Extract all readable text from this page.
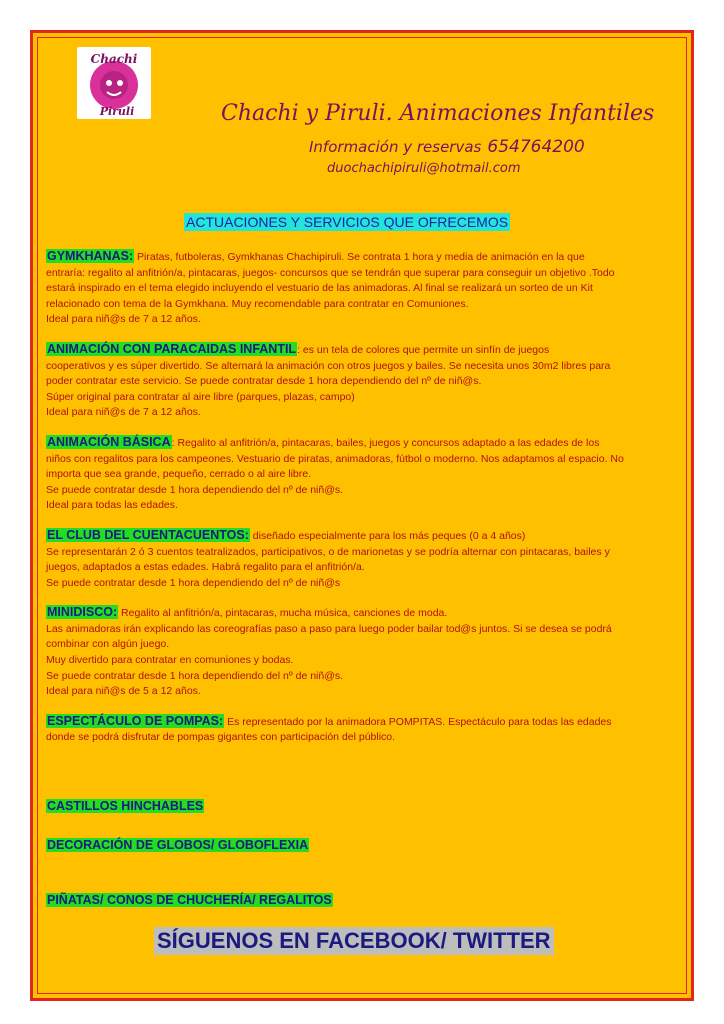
Chachi
Piruli	Chachi y Piruli. Animaciones Infantiles
Información y reservas 654764200
duochachipiruli@hotmail.com
ACTUACIONES Y SERVICIOS QUE OFRECEMOS
GYMKHANAS: Piratas, futboleras, Gymkhanas Chachipiruli. Se contrata 1 hora y media de animación en la que
entraría: regalito al anfitrión/a, pintacaras, juegos- concursos que se tendrán que superar para conseguir un objetivo .Todo
estará inspirado en el tema elegido incluyendo el vestuario de las animadoras. Al final se realizará un sorteo de un Kit
relacionado con tema de la Gymkhana. Muy recomendable para contratar en Comuniones.
Ideal para niñ@s de 7 a 12 años.
ANIMACIÓN CON PARACAIDAS INFANTIL: es un tela de colores que permite un sinfín de juegos
cooperativos y es súper divertido. Se alternará la animación con otros juegos y bailes. Se necesita unos 30m2 libres para
poder contratar este servicio. Se puede contratar desde 1 hora dependiendo del nº de niñ@s.
Súper original para contratar al aire libre (parques, plazas, campo)
Ideal para niñ@s de 7 a 12 años.
ANIMACIÓN BÁSICA: Regalito al anfitrión/a, pintacaras, bailes, juegos y concursos adaptado a las edades de los
niños con regalitos para los campeones. Vestuario de piratas, animadoras, fútbol o moderno. Nos adaptamos al espacio. No
importa que sea grande, pequeño, cerrado o al aire libre.
Se puede contratar desde 1 hora dependiendo del nº de niñ@s.
Ideal para todas las edades.
EL CLUB DEL CUENTACUENTOS: diseñado especialmente para los más peques (0 a 4 años)
Se representarán 2 ó 3 cuentos teatralizados, participativos, o de marionetas y se podría alternar con pintacaras, bailes y
juegos, adaptados a estas edades. Habrá regalito para el anfitrión/a.
Se puede contratar desde 1 hora dependiendo del nº de niñ@s
MINIDISCO: Regalito al anfitrión/a, pintacaras, mucha música, canciones de moda.
Las animadoras irán explicando las coreografías paso a paso para luego poder bailar tod@s juntos. Si se desea se podrá
combinar con algún juego.
Muy divertido para contratar en comuniones y bodas.
Se puede contratar desde 1 hora dependiendo del nº de niñ@s.
Ideal para niñ@s de 5 a 12 años.
ESPECTÁCULO DE POMPAS: Es representado por la animadora POMPITAS. Espectáculo para todas las edades
donde se podrá disfrutar de pompas gigantes con participación del público.
CASTILLOS HINCHABLES
DECORACIÓN DE GLOBOS/ GLOBOFLEXIA
PIÑATAS/ CONOS DE CHUCHERÍA/ REGALITOS
SÍGUENOS EN FACEBOOK/ TWITTER
